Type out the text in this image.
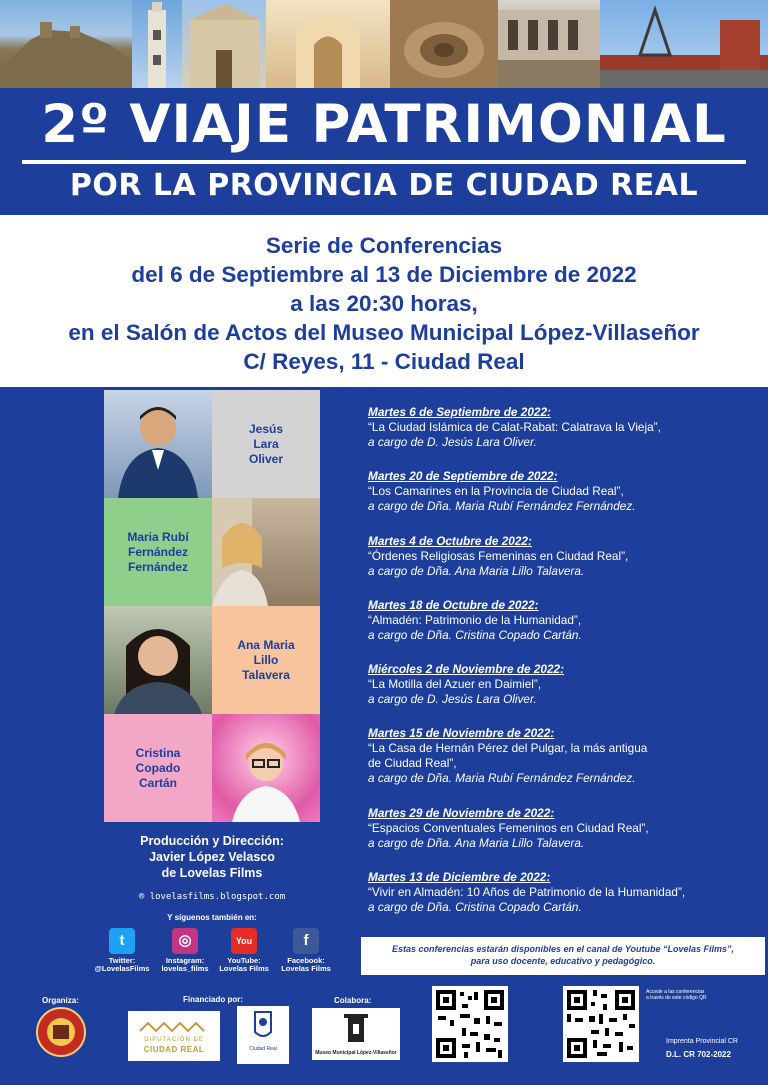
2º VIAJE PATRIMONIAL
POR LA PROVINCIA DE CIUDAD REAL
Serie de Conferencias
del 6 de Septiembre al 13 de Diciembre de 2022
a las 20:30 horas,
en el Salón de Actos del Museo Municipal López-Villaseñor
C/ Reyes, 11 - Ciudad Real
Jesús
Lara
Oliver
Maria Rubí
Fernández
Fernández
Ana Maria
Lillo
Talavera
Cristina
Copado
Cartán
Producción y Dirección:
Javier López Velasco
de Lovelas Films
® lovelasfilms.blogspot.com
Y síguenos también en:
t
Twitter:
@LovelasFilms
◎
Instagram:
lovelas_films
You
YouTube:
Lovelas Films
f
Facebook:
Lovelas Films
Martes 6 de Septiembre de 2022:
“La Ciudad Islámica de Calat-Rabat: Calatrava la Vieja”,
a cargo de D. Jesús Lara Oliver.
Martes 20 de Septiembre de 2022:
“Los Camarines en la Provincia de Ciudad Real”,
a cargo de Dña. Maria Rubí Fernández Fernández.
Martes 4 de Octubre de 2022:
“Órdenes Religiosas Femeninas en Ciudad Real”,
a cargo de Dña. Ana Maria Lillo Talavera.
Martes 18 de Octubre de 2022:
“Almadén: Patrimonio de la Humanidad”,
a cargo de Dña. Cristina Copado Cartán.
Miércoles 2 de Noviembre de 2022:
“La Motilla del Azuer en Daimiel”,
a cargo de D. Jesús Lara Oliver.
Martes 15 de Noviembre de 2022:
“La Casa de Hernán Pérez del Pulgar, la más antigua
de Ciudad Real”,
a cargo de Dña. Maria Rubí Fernández Fernández.
Martes 29 de Noviembre de 2022:
“Espacios Conventuales Femeninos en Ciudad Real”,
a cargo de Dña. Ana Maria Lillo Talavera.
Martes 13 de Diciembre de 2022:
“Vivir en Almadén: 10 Años de Patrimonio de la Humanidad”,
a cargo de Dña. Cristina Copado Cartán.
Estas conferencias estarán disponibles en el canal de Youtube “Lovelas Films”,
para uso docente, educativo y pedagógico.
Organiza:	Financiado por:
DIPUTACIÓN DE
CIUDAD REAL	Ciudad Real
Colabora:
Museo Municipal López-Villaseñor
Accede a las conferencias
a través de este código QR
Imprenta Provincial CR
D.L. CR 702-2022
